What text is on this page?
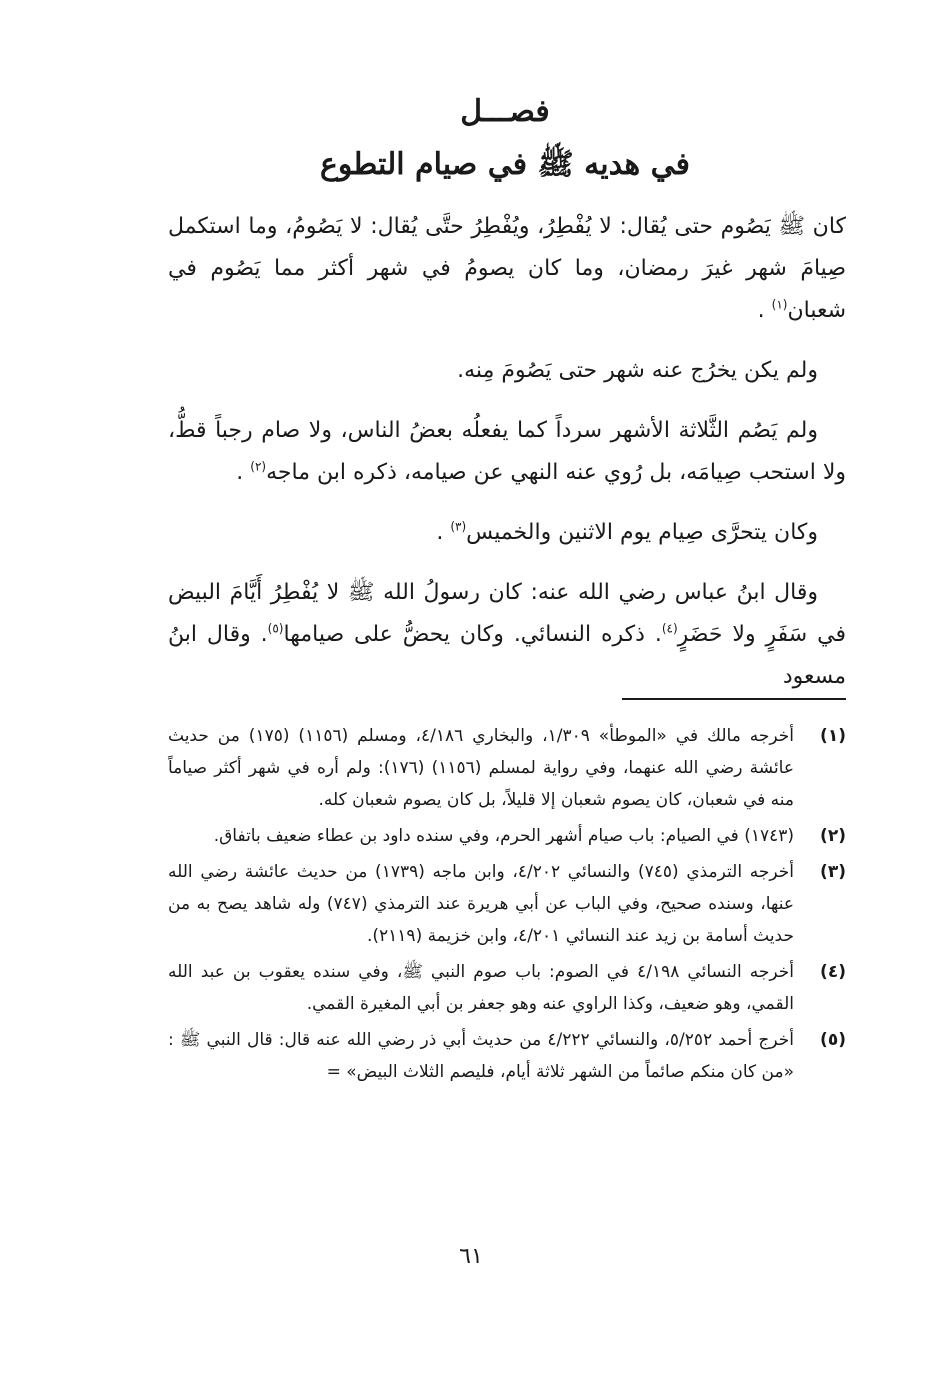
فصـــل
في هديه ﷺ في صيام التطوع

كان ﷺ يَصُوم حتى يُقال: لا يُفْطِرُ، ويُفْطِرُ حتَّى يُقال: لا يَصُومُ، وما استكمل صِيامَ شهر غيرَ رمضان، وما كان يصومُ في شهر أكثر مما يَصُوم في شعبان$^{(١)}$ .

ولم يكن يخرُج عنه شهر حتى يَصُومَ مِنه.

ولم يَصُم الثَّلاثة الأشهر سرداً كما يفعلُه بعضُ الناس، ولا صام رجباً قطُّ، ولا استحب صِيامَه، بل رُوي عنه النهي عن صيامه، ذكره ابن ماجه$^{(٢)}$ .

وكان يتحرَّى صِيام يوم الاثنين والخميس$^{(٣)}$ .

وقال ابنُ عباس رضي الله عنه: كان رسولُ الله ﷺ لا يُفْطِرُ أَيَّامَ البيض في سَفَرٍ ولا حَضَرٍ$^{(٤)}$. ذكره النسائي. وكان يحضُّ على صيامها$^{(٥)}$. وقال ابنُ مسعود

(١)
أخرجه مالك في «الموطأ» ١/٣٠٩، والبخاري ٤/١٨٦، ومسلم (١١٥٦) (١٧٥) من حديث عائشة رضي الله عنهما، وفي رواية لمسلم (١١٥٦) (١٧٦): ولم أره في شهر أكثر صياماً منه في شعبان، كان يصوم شعبان إلا قليلاً، بل كان يصوم شعبان كله.
(٢)
(١٧٤٣) في الصيام: باب صيام أشهر الحرم، وفي سنده داود بن عطاء ضعيف باتفاق.
(٣)
أخرجه الترمذي (٧٤٥) والنسائي ٤/٢٠٢، وابن ماجه (١٧٣٩) من حديث عائشة رضي الله عنها، وسنده صحيح، وفي الباب عن أبي هريرة عند الترمذي (٧٤٧) وله شاهد يصح به من حديث أسامة بن زيد عند النسائي ٤/٢٠١، وابن خزيمة (٢١١٩).
(٤)
أخرجه النسائي ٤/١٩٨ في الصوم: باب صوم النبي ﷺ، وفي سنده يعقوب بن عبد الله القمي، وهو ضعيف، وكذا الراوي عنه وهو جعفر بن أبي المغيرة القمي.
(٥)
أخرج أحمد ٥/٢٥٢، والنسائي ٤/٢٢٢ من حديث أبي ذر رضي الله عنه قال: قال النبي ﷺ : «من كان منكم صائماً من الشهر ثلاثة أيام، فليصم الثلاث البيض» =
٦١
